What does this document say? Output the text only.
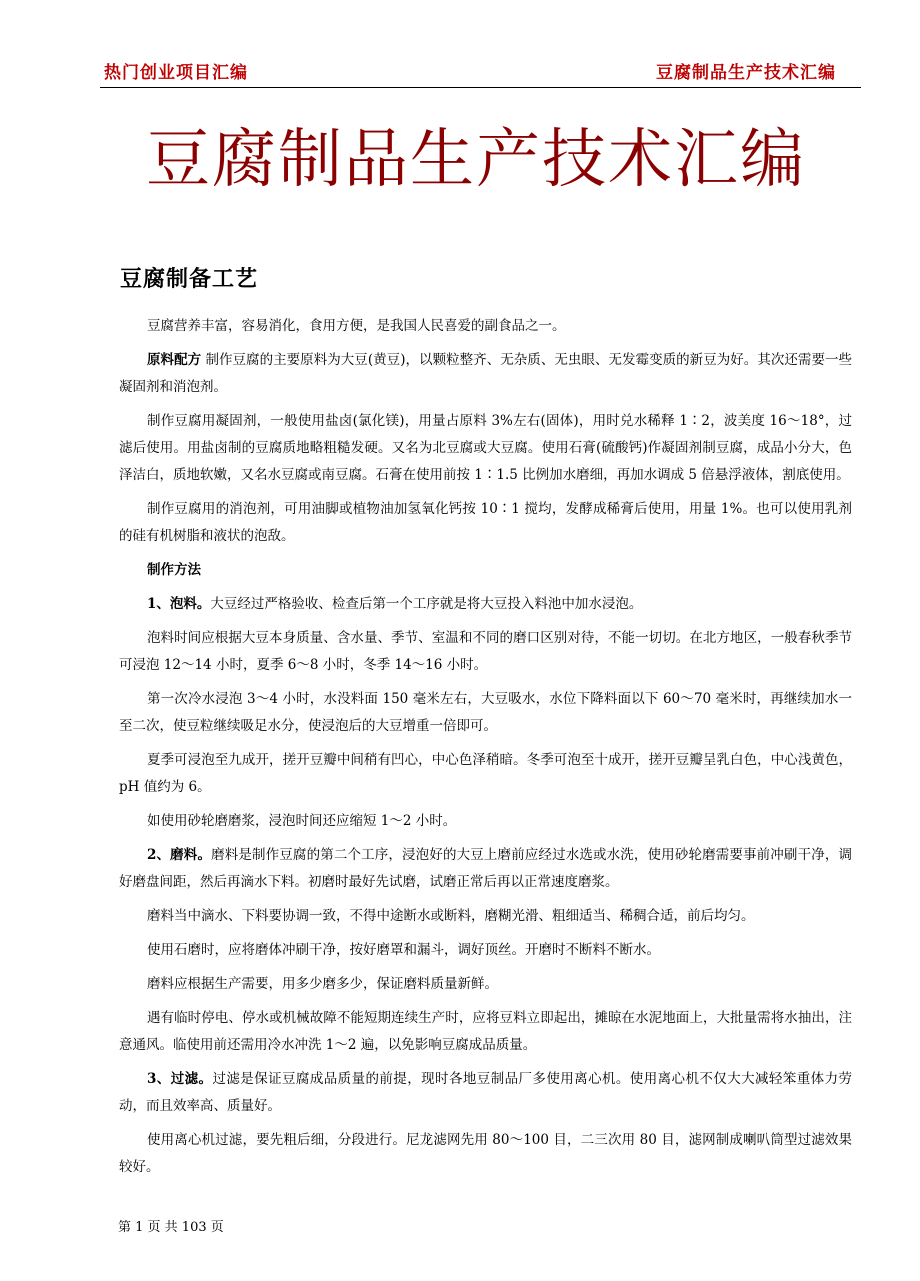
热门创业项目汇编	豆腐制品生产技术汇编
豆腐制品生产技术汇编
豆腐制备工艺

豆腐营养丰富，容易消化，食用方便，是我国人民喜爱的副食品之一。

原料配方 制作豆腐的主要原料为大豆(黄豆)，以颗粒整齐、无杂质、无虫眼、无发霉变质的新豆为好。其次还需要一些凝固剂和消泡剂。

制作豆腐用凝固剂，一般使用盐卤(氯化镁)，用量占原料 3%左右(固体)，用时兑水稀释 1∶2，波美度 16～18°，过滤后使用。用盐卤制的豆腐质地略粗糙发硬。又名为北豆腐或大豆腐。使用石膏(硫酸钙)作凝固剂制豆腐，成品小分大，色泽洁白，质地软嫩，又名水豆腐或南豆腐。石膏在使用前按 1∶1.5 比例加水磨细，再加水调成 5 倍悬浮液体，割底使用。

制作豆腐用的消泡剂，可用油脚或植物油加氢氧化钙按 10∶1 搅均，发酵成稀膏后使用，用量 1%。也可以使用乳剂的硅有机树脂和液状的泡敌。

制作方法

1、泡料。大豆经过严格验收、检查后第一个工序就是将大豆投入料池中加水浸泡。

泡料时间应根据大豆本身质量、含水量、季节、室温和不同的磨口区别对待，不能一切切。在北方地区，一般春秋季节可浸泡 12～14 小时，夏季 6～8 小时，冬季 14～16 小时。

第一次冷水浸泡 3～4 小时，水没料面 150 毫米左右，大豆吸水，水位下降料面以下 60～70 毫米时，再继续加水一至二次，使豆粒继续吸足水分，使浸泡后的大豆增重一倍即可。

夏季可浸泡至九成开，搓开豆瓣中间稍有凹心，中心色泽稍暗。冬季可泡至十成开，搓开豆瓣呈乳白色，中心浅黄色，pH 值约为 6。

如使用砂轮磨磨浆，浸泡时间还应缩短 1～2 小时。

2、磨料。磨料是制作豆腐的第二个工序，浸泡好的大豆上磨前应经过水选或水洗，使用砂轮磨需要事前冲刷干净，调好磨盘间距，然后再滴水下料。初磨时最好先试磨，试磨正常后再以正常速度磨浆。

磨料当中滴水、下料要协调一致，不得中途断水或断料，磨糊光滑、粗细适当、稀稠合适，前后均匀。

使用石磨时，应将磨体冲刷干净，按好磨罩和漏斗，调好顶丝。开磨时不断料不断水。

磨料应根据生产需要，用多少磨多少，保证磨料质量新鲜。

遇有临时停电、停水或机械故障不能短期连续生产时，应将豆料立即起出，摊晾在水泥地面上，大批量需将水抽出，注意通风。临使用前还需用冷水冲洗 1～2 遍，以免影响豆腐成品质量。

3、过滤。过滤是保证豆腐成品质量的前提，现时各地豆制品厂多使用离心机。使用离心机不仅大大减轻笨重体力劳动，而且效率高、质量好。

使用离心机过滤，要先粗后细，分段进行。尼龙滤网先用 80～100 目，二三次用 80 目，滤网制成喇叭筒型过滤效果较好。

第 1 页 共 103 页
